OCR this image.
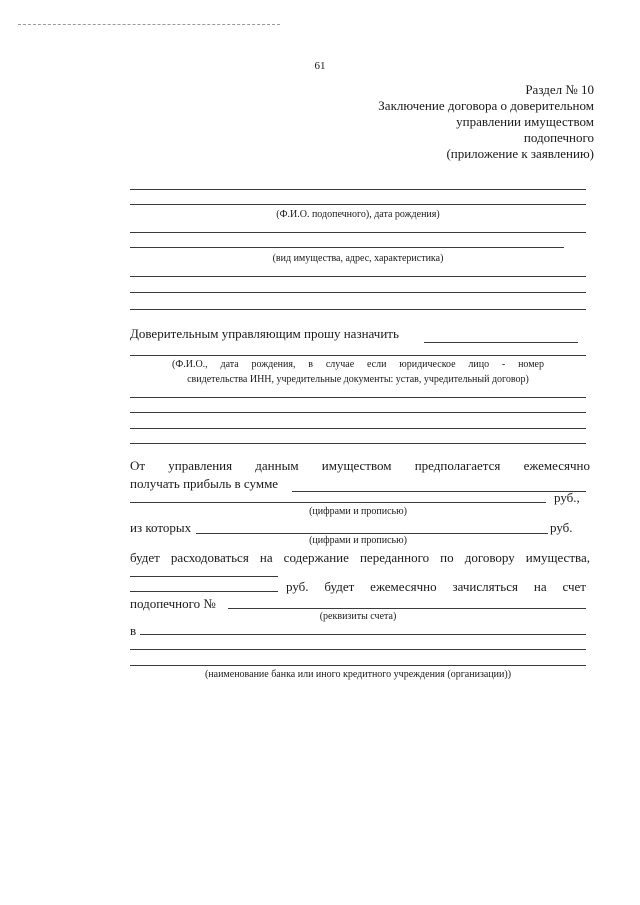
61
Раздел № 10
Заключение договора о доверительном
управлении имуществом
подопечного
(приложение к заявлению)
(Ф.И.О. подопечного), дата рождения)
(вид имущества, адрес, характеристика)
Доверительным управляющим прошу назначить
(Ф.И.О., дата рождения, в случае если юридическое лицо - номер
свидетельства ИНН, учредительные документы: устав, учредительный договор)
От управления данным имуществом предполагается ежемесячно
получать прибыль в сумме
руб.,
(цифрами и прописью)
из которых	руб.
(цифрами и прописью)
будет расходоваться на содержание переданного по договору имущества,
руб. будет ежемесячно зачисляться на счет
подопечного №
(реквизиты счета)
в
(наименование банка или иного кредитного учреждения (организации))
